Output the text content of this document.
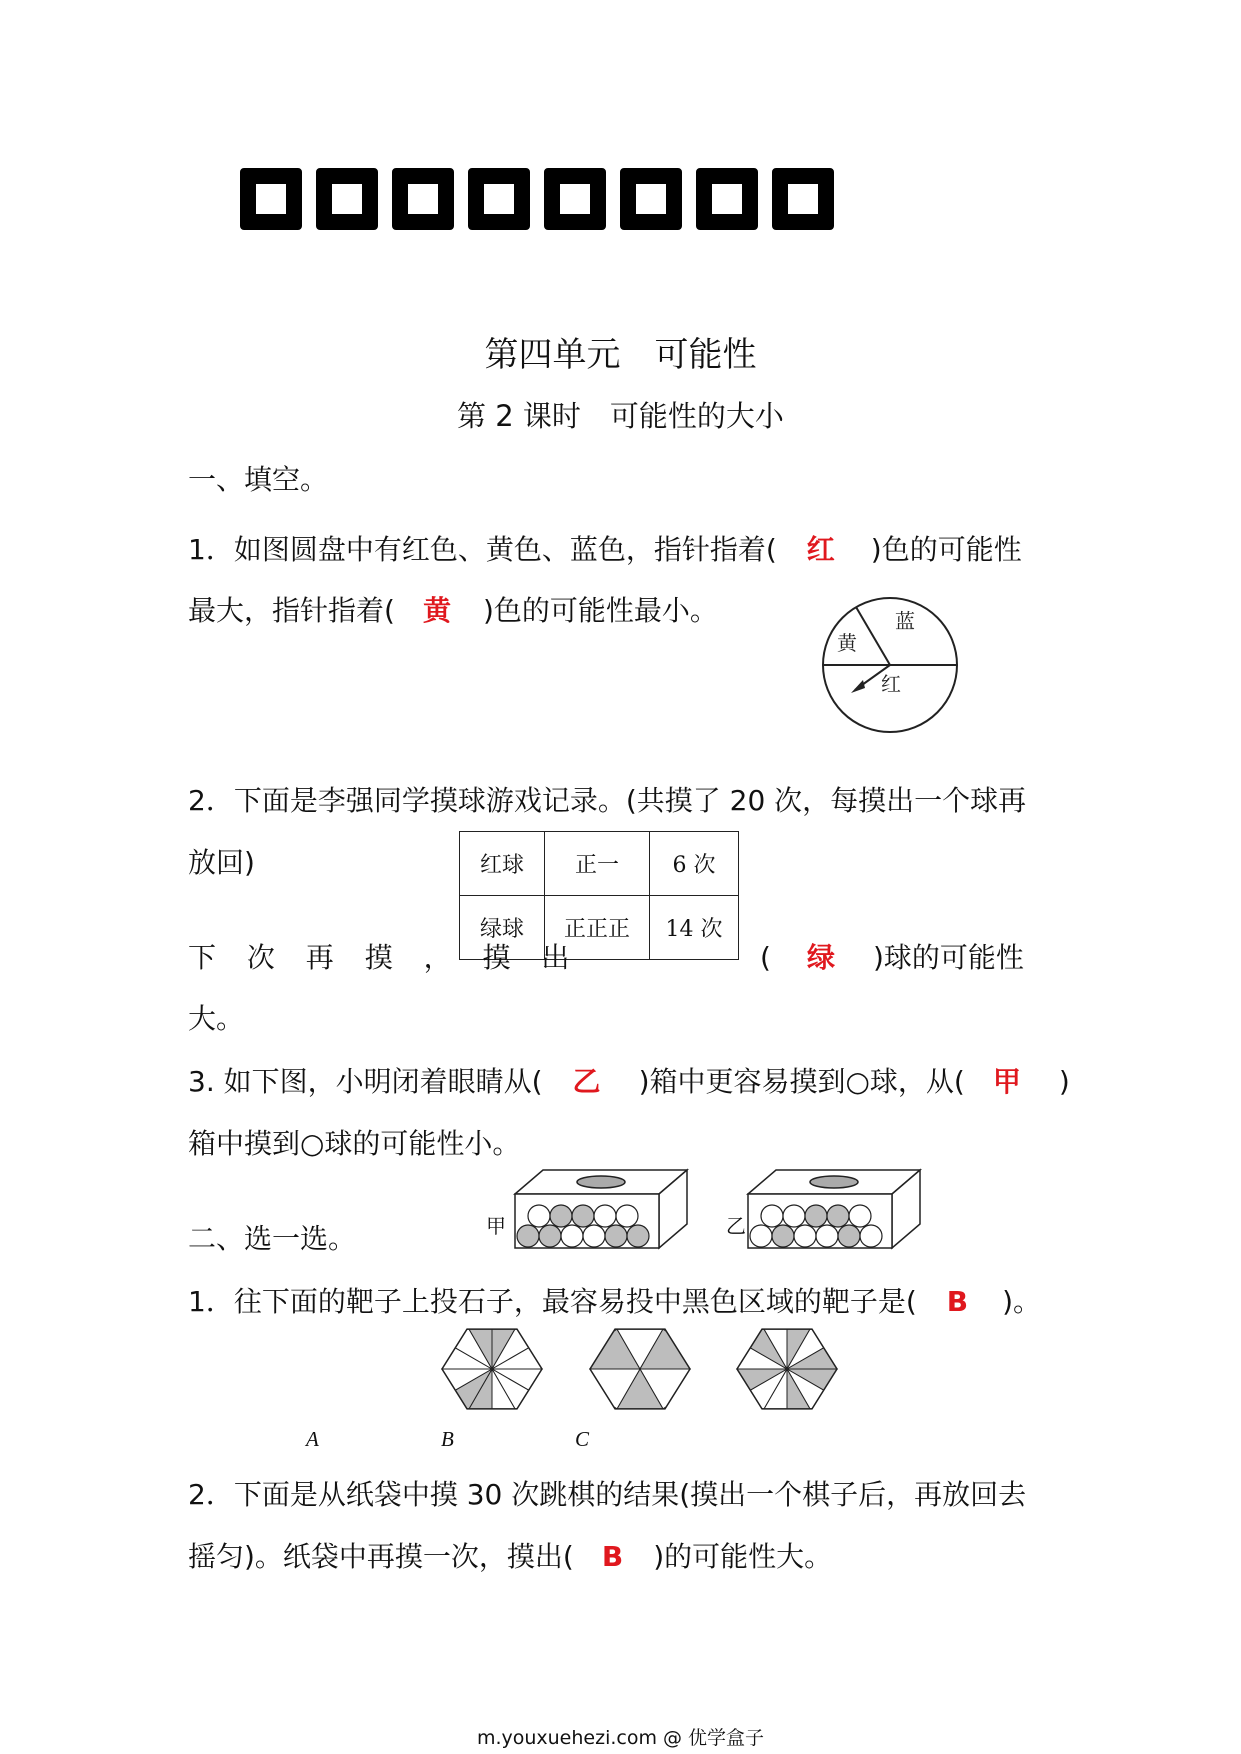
第四单元　可能性
第 2 课时　可能性的大小
一、填空。
1．如图圆盘中有红色、黄色、蓝色，指针指着( 红 )色的可能性
最大，指针指着( 黄 )色的可能性最小。
黄
蓝
红
2．下面是李强同学摸球游戏记录。(共摸了 20 次，每摸出一个球再
放回)	红球	正一	6 次
绿球	正正正	14 次
下 次 再 摸 ， 摸 出	( 绿 )球的可能性
大。
3. 如下图，小明闭着眼睛从( 乙 )箱中更容易摸到○球，从( 甲 )
箱中摸到○球的可能性小。
甲	乙
二、选一选。
1．往下面的靶子上投石子，最容易投中黑色区域的靶子是( B )。
A	B	C
2．下面是从纸袋中摸 30 次跳棋的结果(摸出一个棋子后，再放回去
摇匀)。纸袋中再摸一次，摸出( B )的可能性大。
m.youxuehezi.com @ 优学盒子
